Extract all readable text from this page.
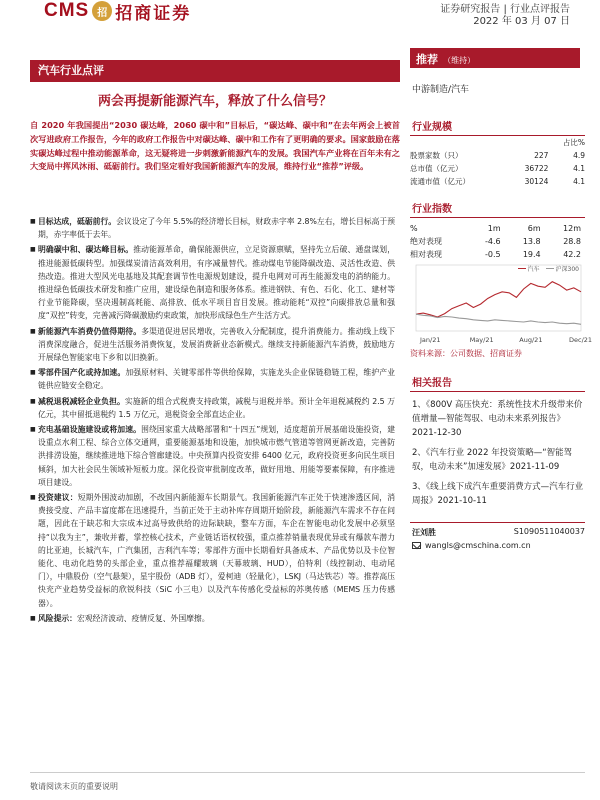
CMS 招 招商证券	证券研究报告 | 行业点评报告
2022 年 03 月 07 日
汽车行业点评
两会再提新能源汽车，释放了什么信号？
自 2020 年我国提出“2030 碳达峰，2060 碳中和”目标后，“碳达峰、碳中和”在去年两会上被首次写进政府工作报告，今年的政府工作报告中对碳达峰、碳中和工作有了更明确的要求。国家鼓励在落实碳达峰过程中推动能源革命，这无疑将进一步刺激新能源汽车的发展。我国汽车产业将在百年未有之大变局中挥风沐雨、砥砺前行。我们坚定看好我国新能源汽车的发展，维持行业“推荐”评级。
■ 目标达成，砥砺前行。会议设定了今年 5.5%的经济增长目标，财政赤字率 2.8%左右，增长目标高于预期，赤字率低于去年。
■ 明确碳中和、碳达峰目标。推动能源革命，确保能源供应，立足资源禀赋，坚持先立后破、通盘谋划，推进能源低碳转型。加强煤炭清洁高效利用，有序减量替代。推动煤电节能降碳改造、灵活性改造、供热改造。推进大型风光电基地及其配套调节性电源规划建设，提升电网对可再生能源发电的消纳能力。推进绿色低碳技术研发和推广应用，建设绿色制造和服务体系。推进钢铁、有色、石化、化工、建材等行业节能降碳，坚决遏制高耗能、高排放、低水平项目盲目发展。推动能耗“双控”向碳排放总量和强度“双控”转变，完善减污降碳激励约束政策，加快形成绿色生产生活方式。
■ 新能源汽车消费仍值得期待。多渠道促进居民增收，完善收入分配制度，提升消费能力。推动线上线下消费深度融合，促进生活服务消费恢复，发展消费新业态新模式。继续支持新能源汽车消费，鼓励地方开展绿色智能家电下乡和以旧换新。
■ 零部件国产化或持加速。加强原材料、关键零部件等供给保障，实施龙头企业保链稳链工程，维护产业链供应链安全稳定。
■ 减税退税减轻企业负担。实施新的组合式税费支持政策，减税与退税并举。预计全年退税减税约 2.5 万亿元，其中留抵退税约 1.5 万亿元，退税资金全部直达企业。
■ 充电基础设施建设或将加速。围绕国家重大战略部署和“十四五”规划，适度超前开展基础设施投资，建设重点水利工程、综合立体交通网，重要能源基地和设施，加快城市燃气管道等管网更新改造，完善防洪排涝设施，继续推进地下综合管廊建设。中央预算内投资安排 6400 亿元，政府投资更多向民生项目倾斜，加大社会民生领域补短板力度。深化投资审批制度改革，做好用地、用能等要素保障，有序推进项目建设。
■ 投资建议：短期外围波动加剧，不改国内新能源车长期景气。我国新能源汽车正处于快速渗透区间，消费接受度、产品丰富度都在迅速提升，当前正处于主动补库存周期开始阶段，新能源汽车需求不存在问题，因此在于缺芯和大宗成本过高导致供给的边际缺缺，整车方面，车企在智能电动化发展中必须坚持“以我为主”，兼收并蓄，掌控核心技术，产业链话语权较强，重点推荐销量表现优异或有爆款车潜力的比亚迪，长城汽车，广汽集团，吉利汽车等；零部件方面中长期看好具备成本、产品优势以及卡位智能化、电动化趋势的头部企业，重点推荐福耀玻璃（天幕玻璃、HUD），伯特利（线控制动、电动尾门），中鼎股份（空气悬架），星宇股份（ADB 灯），爱柯迪（轻量化），LSKJ（马达铁芯）等。推荐高压快充产业趋势受益标的欣锐科技（SiC 小三电）以及汽车传感化受益标的苏奥传感（MEMS 压力传感器）。
■ 风险提示：宏观经济波动、疫情反复、外国摩擦。
推荐 （维持）
中游制造/汽车
行业规模
		占比%
股票家数（只）	227	4.9
总市值（亿元）	36722	4.1
流通市值（亿元）	30124	4.1
行业指数
%	1m	6m	12m
绝对表现	-4.6	13.8	28.8
相对表现	-0.5	19.4	42.2
汽车	沪深300
Jan/21	May/21	Aug/21	Dec/21
资料来源：公司数据、招商证券
相关报告
1、《800V 高压快充：系统性技术升级带来价值增量—智能驾驭、电动未来系列报告》2021-12-30
2、《汽车行业 2022 年投资策略—“智能驾驭，电动未来”加速发展》2021-11-09
3、《线上线下成汽车重要消费方式—汽车行业周报》2021-10-11
汪刘胜	S1090511040037
wangls@cmschina.com.cn
敬请阅读末页的重要说明
